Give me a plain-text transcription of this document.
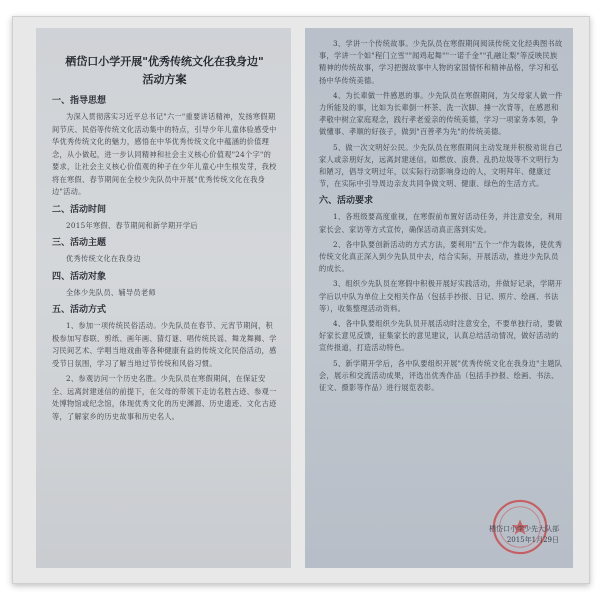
栖岱口小学开展"优秀传统文化在我身边"
活动方案
一、指导思想
为深入贯彻落实习近平总书记"六一"重要讲话精神，发扬寒假期间节庆、民俗等传统文化活动集中的特点，引导少年儿童体验感受中华优秀传统文化的魅力，感悟在中华优秀传统文化中蕴涵的价值理念，从小做起，进一步认同精神和社会主义核心价值观"24个字"的要求，让社会主义核心价值观的种子在少年儿童心中生根发芽，我校将在寒假、春节期间在全校少先队员中开展"优秀传统文化在我身边"活动。
二、活动时间
2015年寒假、春节期间和新学期开学后
三、活动主题
优秀传统文化在我身边
四、活动对象
全体少先队员、辅导员老师
五、活动方式
1、参加一项传统民俗活动。少先队员在春节、元宵节期间，积极参加写春联、剪纸、画年画、猜灯谜、唱传统民谣、舞龙舞狮、学习民间艺术、学唱当地戏曲等各种健康有益的传统文化民俗活动，感受节日氛围，学习了解当地过节传统和风俗习惯。
2、参观访问一个历史名胜。少先队员在寒假期间，在保证安全、远离封建迷信的前提下，在父母的带领下走访名胜古迹、参观一处博物馆或纪念馆，体现优秀文化的历史渊源、历史遗迹、文化古迹等，了解家乡的历史故事和历史名人。
3、学讲一个传统故事。少先队员在寒假期间阅读传统文化经典图书故事，学讲一个如"程门立雪""闻鸡起舞""一诺千金""孔融让梨"等反映民族精神的传统故事，学习把握故事中人物的家国情怀和精神品格，学习和弘扬中华传统美德。
4、为长辈做一件感恩的事。少先队员在寒假期间，为父母家人做一件力所能及的事，比如为长辈倒一杯茶、洗一次脚、捶一次背等，在感恩和孝敬中树立家庭观念，践行孝老爱亲的传统美德，学习一项家务本领，争做懂事、孝顺的好孩子，做到"百善孝为先"的传统美德。
5、做一次文明好公民。少先队员在寒假期间主动发现并积极劝说自己家人或亲朋好友，远离封建迷信，如燃放、浪费、乱扔垃圾等不文明行为和陋习，倡导文明过年，以实际行动影响身边的人，文明拜年、健康过节，在实际中引导周边亲友共同争做文明、健康、绿色的生活方式。
六、活动要求
1、各班级要高度重视，在寒假前布置好活动任务，并注意安全，利用家长会、家访等方式宣传，确保活动真正落到实处。
2、各中队要创新活动的方式方法，要利用"五个一"作为载体，使优秀传统文化真正深入到少先队员中去，结合实际，开展活动，推进少先队员的成长。
3、组织少先队员在寒假中积极开展好实践活动，并做好记录，学期开学后以中队为单位上交相关作品（包括手抄报、日记、照片、绘画、书法等），收集整理活动资料。
4、各中队要组织少先队员开展活动时注意安全，不要单独行动，要做好家长意见反馈，征集家长的意见建议，认真总结活动情况，做好活动的宣传报道，打造活动特色。
5、新学期开学后，各中队要组织开展"优秀传统文化在我身边"主题队会，展示和交流活动成果，评选出优秀作品（包括手抄报、绘画、书法、征文、摄影等作品）进行展览表彰。
栖岱口小学少先大队部
2015年1月29日
